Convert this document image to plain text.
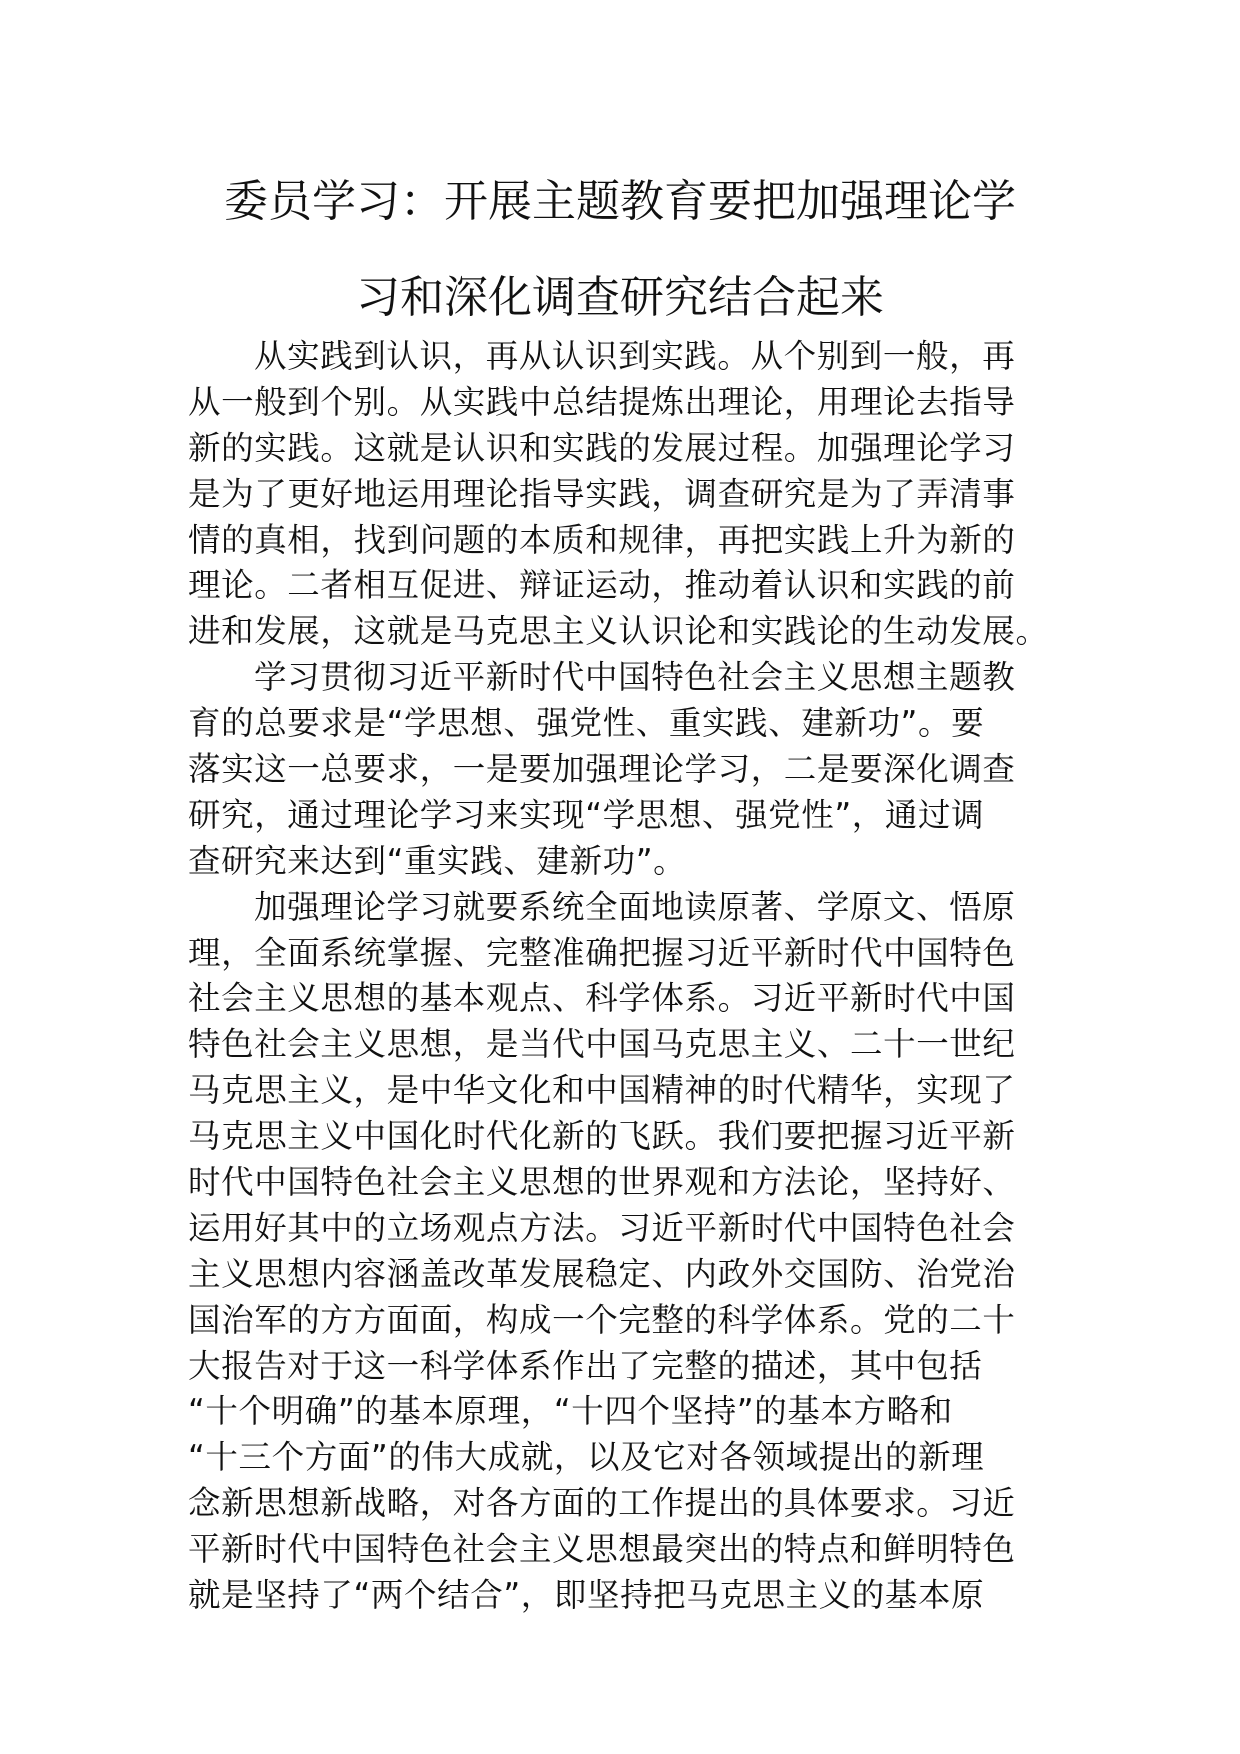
委员学习：开展主题教育要把加强理论学
习和深化调查研究结合起来
从实践到认识，再从认识到实践。从个别到一般，再
从一般到个别。从实践中总结提炼出理论，用理论去指导
新的实践。这就是认识和实践的发展过程。加强理论学习
是为了更好地运用理论指导实践，调查研究是为了弄清事
情的真相，找到问题的本质和规律，再把实践上升为新的
理论。二者相互促进、辩证运动，推动着认识和实践的前
进和发展，这就是马克思主义认识论和实践论的生动发展。
学习贯彻习近平新时代中国特色社会主义思想主题教
育的总要求是“学思想、强党性、重实践、建新功”。要
落实这一总要求，一是要加强理论学习，二是要深化调查
研究，通过理论学习来实现“学思想、强党性”，通过调
查研究来达到“重实践、建新功”。
加强理论学习就要系统全面地读原著、学原文、悟原
理，全面系统掌握、完整准确把握习近平新时代中国特色
社会主义思想的基本观点、科学体系。习近平新时代中国
特色社会主义思想，是当代中国马克思主义、二十一世纪
马克思主义，是中华文化和中国精神的时代精华，实现了
马克思主义中国化时代化新的飞跃。我们要把握习近平新
时代中国特色社会主义思想的世界观和方法论，坚持好、
运用好其中的立场观点方法。习近平新时代中国特色社会
主义思想内容涵盖改革发展稳定、内政外交国防、治党治
国治军的方方面面，构成一个完整的科学体系。党的二十
大报告对于这一科学体系作出了完整的描述，其中包括
“十个明确”的基本原理，“十四个坚持”的基本方略和
“十三个方面”的伟大成就，以及它对各领域提出的新理
念新思想新战略，对各方面的工作提出的具体要求。习近
平新时代中国特色社会主义思想最突出的特点和鲜明特色
就是坚持了“两个结合”，即坚持把马克思主义的基本原
